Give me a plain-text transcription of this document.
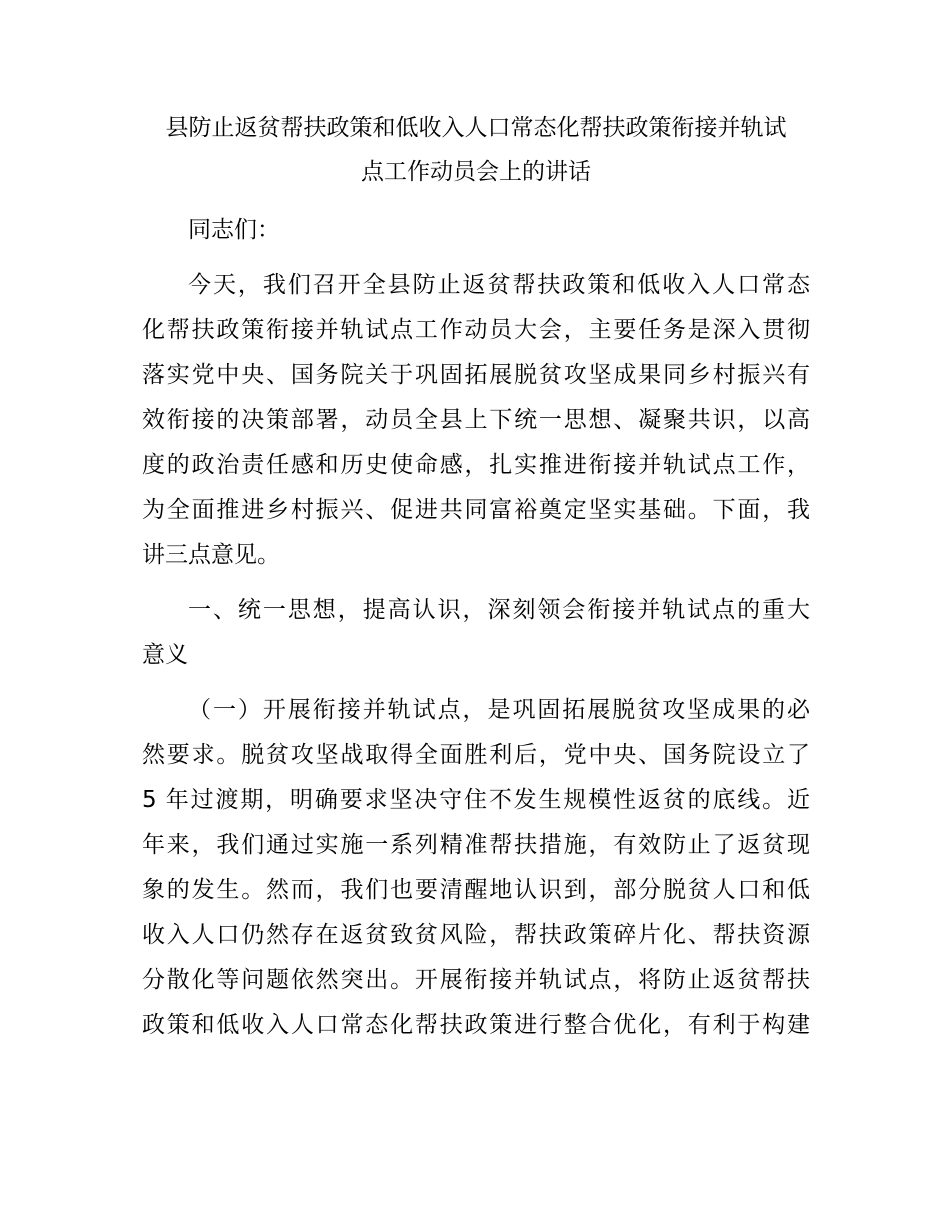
县防止返贫帮扶政策和低收入人口常态化帮扶政策衔接并轨试
点工作动员会上的讲话
同志们：
今天，我们召开全县防止返贫帮扶政策和低收入人口常态
化帮扶政策衔接并轨试点工作动员大会，主要任务是深入贯彻
落实党中央、国务院关于巩固拓展脱贫攻坚成果同乡村振兴有
效衔接的决策部署，动员全县上下统一思想、凝聚共识，以高
度的政治责任感和历史使命感，扎实推进衔接并轨试点工作，
为全面推进乡村振兴、促进共同富裕奠定坚实基础。下面，我
讲三点意见。
一、统一思想，提高认识，深刻领会衔接并轨试点的重大
意义
（一）开展衔接并轨试点，是巩固拓展脱贫攻坚成果的必
然要求。脱贫攻坚战取得全面胜利后，党中央、国务院设立了
5 年过渡期，明确要求坚决守住不发生规模性返贫的底线。近
年来，我们通过实施一系列精准帮扶措施，有效防止了返贫现
象的发生。然而，我们也要清醒地认识到，部分脱贫人口和低
收入人口仍然存在返贫致贫风险，帮扶政策碎片化、帮扶资源
分散化等问题依然突出。开展衔接并轨试点，将防止返贫帮扶
政策和低收入人口常态化帮扶政策进行整合优化，有利于构建
